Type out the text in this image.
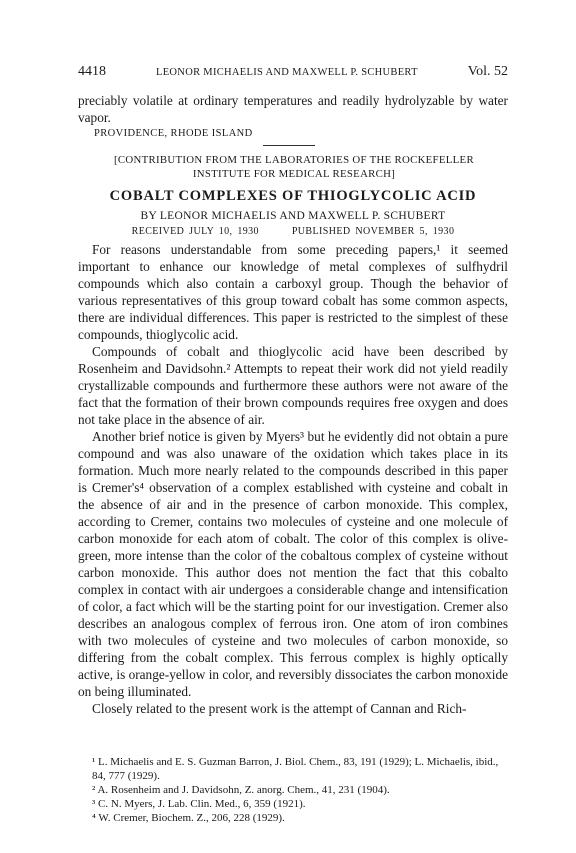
4418	LEONOR MICHAELIS AND MAXWELL P. SCHUBERT	Vol. 52
preciably volatile at ordinary temperatures and readily hydrolyzable by water vapor.
PROVIDENCE, RHODE ISLAND
[CONTRIBUTION FROM THE LABORATORIES OF THE ROCKEFELLER INSTITUTE FOR MEDICAL RESEARCH]
COBALT COMPLEXES OF THIOGLYCOLIC ACID
BY LEONOR MICHAELIS AND MAXWELL P. SCHUBERT
RECEIVED JULY 10, 1930	PUBLISHED NOVEMBER 5, 1930

For reasons understandable from some preceding papers,¹ it seemed important to enhance our knowledge of metal complexes of sulfhydril compounds which also contain a carboxyl group. Though the behavior of various representatives of this group toward cobalt has some common aspects, there are individual differences. This paper is restricted to the simplest of these compounds, thioglycolic acid.

Compounds of cobalt and thioglycolic acid have been described by Rosenheim and Davidsohn.² Attempts to repeat their work did not yield readily crystallizable compounds and furthermore these authors were not aware of the fact that the formation of their brown compounds requires free oxygen and does not take place in the absence of air.

Another brief notice is given by Myers³ but he evidently did not obtain a pure compound and was also unaware of the oxidation which takes place in its formation. Much more nearly related to the compounds described in this paper is Cremer's⁴ observation of a complex established with cysteine and cobalt in the absence of air and in the presence of carbon monoxide. This complex, according to Cremer, contains two molecules of cysteine and one molecule of carbon monoxide for each atom of cobalt. The color of this complex is olive-green, more intense than the color of the cobaltous complex of cysteine without carbon monoxide. This author does not mention the fact that this cobalto complex in contact with air undergoes a considerable change and intensification of color, a fact which will be the starting point for our investigation. Cremer also describes an analogous complex of ferrous iron. One atom of iron combines with two molecules of cysteine and two molecules of carbon monoxide, so differing from the cobalt complex. This ferrous complex is highly optically active, is orange-yellow in color, and reversibly dissociates the carbon monoxide on being illuminated.

Closely related to the present work is the attempt of Cannan and Rich-

¹ L. Michaelis and E. S. Guzman Barron, J. Biol. Chem., 83, 191 (1929); L. Michaelis, ibid., 84, 777 (1929).

² A. Rosenheim and J. Davidsohn, Z. anorg. Chem., 41, 231 (1904).

³ C. N. Myers, J. Lab. Clin. Med., 6, 359 (1921).

⁴ W. Cremer, Biochem. Z., 206, 228 (1929).
